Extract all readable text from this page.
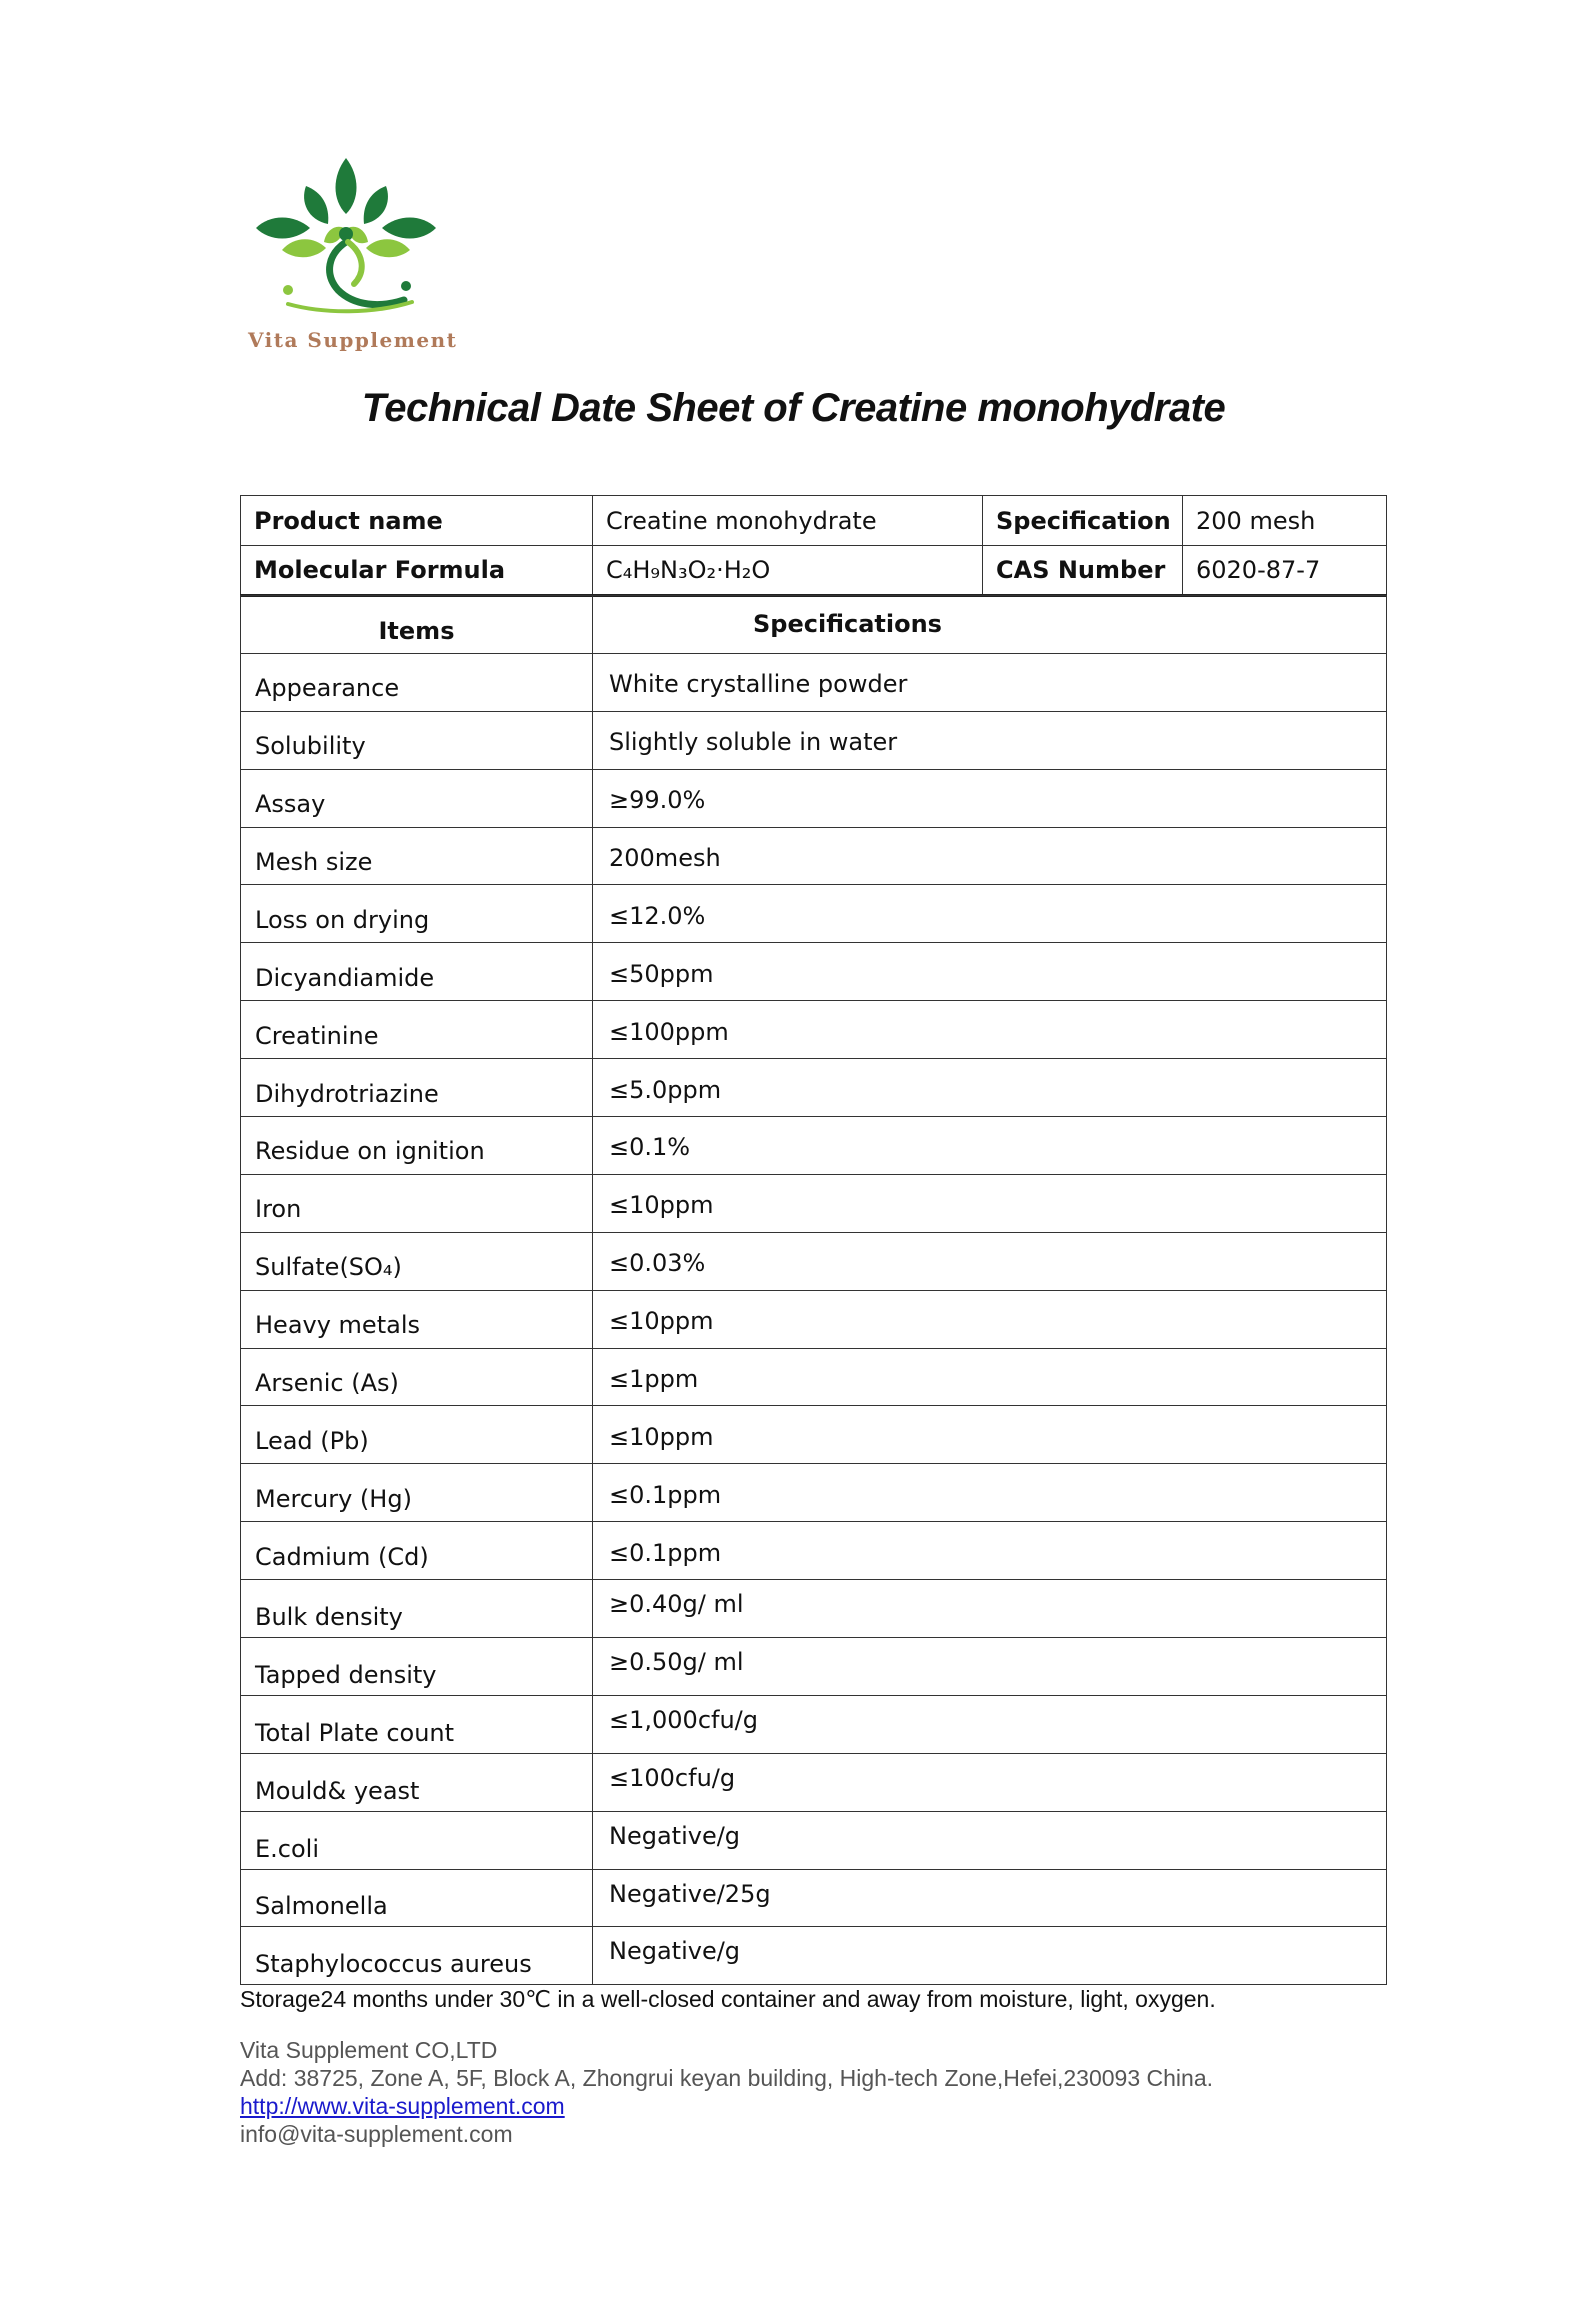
Vita Supplement
Technical Date Sheet of Creatine monohydrate
Product name	Creatine monohydrate	Specification	200 mesh
Molecular Formula	C₄H₉N₃O₂·H₂O	CAS Number	6020-87-7
Items	Specifications
Appearance	White crystalline powder
Solubility	Slightly soluble in water
Assay	≥99.0%
Mesh size	200mesh
Loss on drying	≤12.0%
Dicyandiamide	≤50ppm
Creatinine	≤100ppm
Dihydrotriazine	≤5.0ppm
Residue on ignition	≤0.1%
Iron	≤10ppm
Sulfate(SO₄)	≤0.03%
Heavy metals	≤10ppm
Arsenic (As)	≤1ppm
Lead (Pb)	≤10ppm
Mercury (Hg)	≤0.1ppm
Cadmium (Cd)	≤0.1ppm
Bulk density	≥0.40g/ ml
Tapped density	≥0.50g/ ml
Total Plate count	≤1,000cfu/g
Mould& yeast	≤100cfu/g
E.coli	Negative/g
Salmonella	Negative/25g
Staphylococcus aureus	Negative/g
Storage24 months under 30℃ in a well-closed container and away from moisture, light, oxygen.
Vita Supplement CO,LTD
Add: 38725, Zone A, 5F, Block A, Zhongrui keyan building, High-tech Zone,Hefei,230093 China.
http://www.vita-supplement.com
info@vita-supplement.com
